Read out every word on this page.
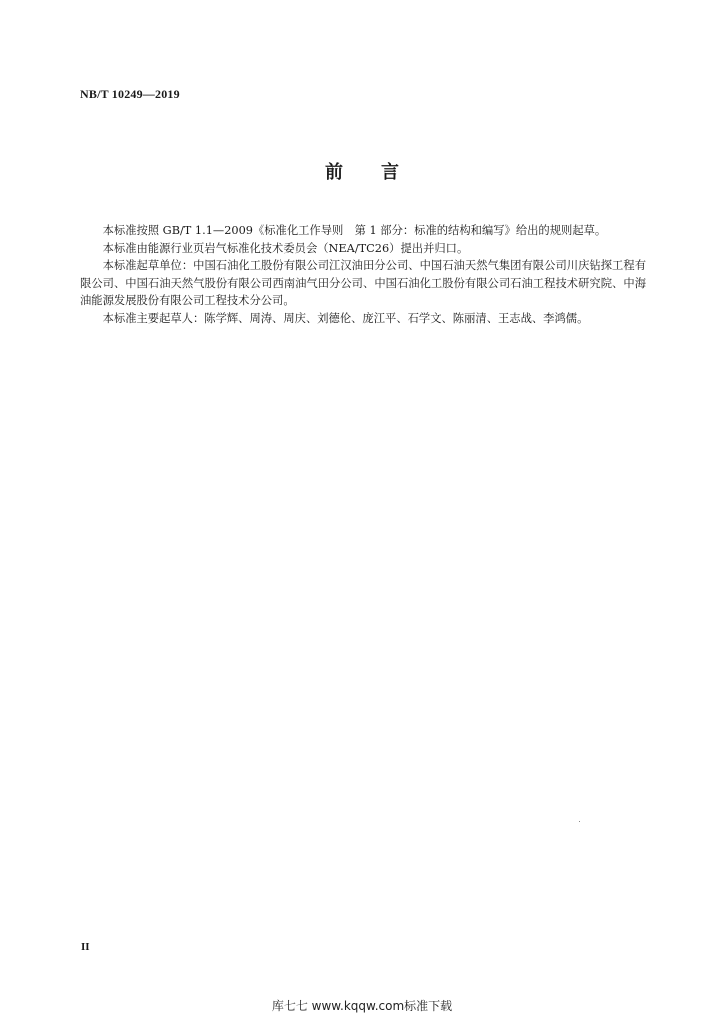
NB/T 10249—2019
前 言

本标准按照 GB/T 1.1—2009《标准化工作导则　第 1 部分：标准的结构和编写》给出的规则起草。

本标准由能源行业页岩气标准化技术委员会（NEA/TC26）提出并归口。

本标准起草单位：中国石油化工股份有限公司江汉油田分公司、中国石油天然气集团有限公司川庆钻探工程有限公司、中国石油天然气股份有限公司西南油气田分公司、中国石油化工股份有限公司石油工程技术研究院、中海油能源发展股份有限公司工程技术分公司。

本标准主要起草人：陈学辉、周涛、周庆、刘德伦、庞江平、石学文、陈丽清、王志战、李鸿儒。

II
库七七 www.kqqw.com标准下载
